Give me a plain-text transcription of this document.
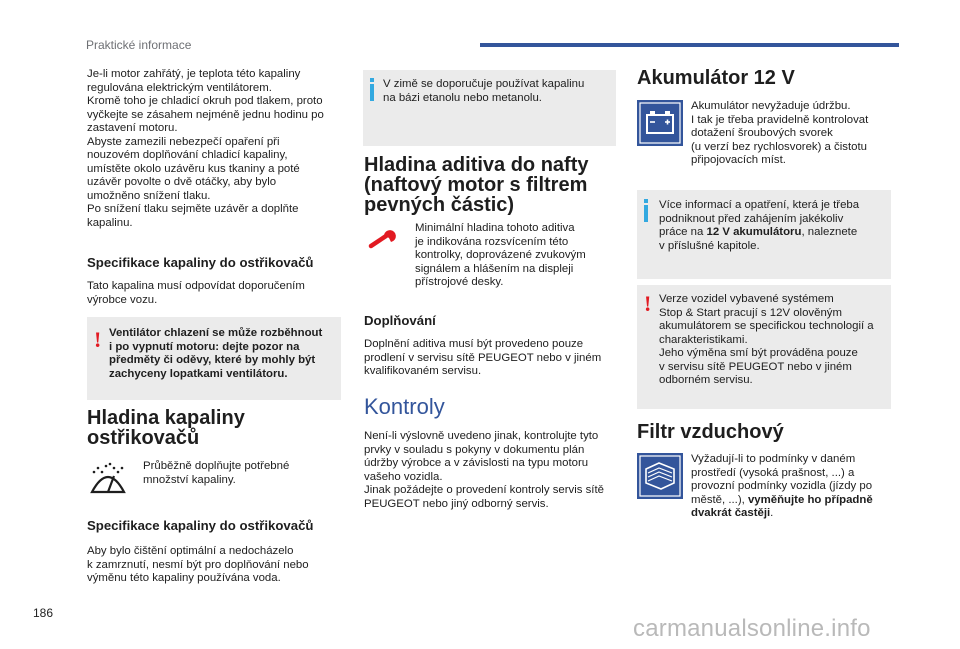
Praktické informace
Je-li motor zahřátý, je teplota této kapaliny
regulována elektrickým ventilátorem.
Kromě toho je chladicí okruh pod tlakem, proto
vyčkejte se zásahem nejméně jednu hodinu po
zastavení motoru.
Abyste zamezili nebezpečí opaření při
nouzovém doplňování chladicí kapaliny,
umístěte okolo uzávěru kus tkaniny a poté
uzávěr povolte o dvě otáčky, aby bylo
umožněno snížení tlaku.
Po snížení tlaku sejměte uzávěr a doplňte
kapalinu.
Specifikace kapaliny do ostřikovačů
Tato kapalina musí odpovídat doporučením
výrobce vozu.
! Ventilátor chlazení se může rozběhnout
i po vypnutí motoru: dejte pozor na
předměty či oděvy, které by mohly být
zachyceny lopatkami ventilátoru.
Hladina kapaliny
ostřikovačů
Průběžně doplňujte potřebné
množství kapaliny.
Specifikace kapaliny do ostřikovačů
Aby bylo čištění optimální a nedocházelo
k zamrznutí, nesmí být pro doplňování nebo
výměnu této kapaliny používána voda.
V zimě se doporučuje používat kapalinu
na bázi etanolu nebo metanolu.
Hladina aditiva do nafty
(naftový motor s filtrem
pevných částic)
Minimální hladina tohoto aditiva
je indikována rozsvícením této
kontrolky, doprovázené zvukovým
signálem a hlášením na displeji
přístrojové desky.
Doplňování
Doplnění aditiva musí být provedeno pouze
prodlení v servisu sítě PEUGEOT nebo v jiném
kvalifikovaném servisu.
Kontroly
Není-li výslovně uvedeno jinak, kontrolujte tyto
prvky v souladu s pokyny v dokumentu plán
údržby výrobce a v závislosti na typu motoru
vašeho vozidla.
Jinak požádejte o provedení kontroly servis sítě
PEUGEOT nebo jiný odborný servis.
Akumulátor 12 V
Akumulátor nevyžaduje údržbu.
I tak je třeba pravidelně kontrolovat
dotažení šroubových svorek
(u verzí bez rychlosvorek) a čistotu
připojovacích míst.
Více informací a opatření, která je třeba
podniknout před zahájením jakékoliv
práce na 12 V akumulátoru, naleznete
v příslušné kapitole.
! Verze vozidel vybavené systémem
Stop & Start pracují s 12V olověným
akumulátorem se specifickou technologií a
charakteristikami.
Jeho výměna smí být prováděna pouze
v servisu sítě PEUGEOT nebo v jiném
odborném servisu.
Filtr vzduchový
Vyžadují-li to podmínky v daném
prostředí (vysoká prašnost, ...) a
provozní podmínky vozidla (jízdy po
městě, ...), vyměňujte ho případně
dvakrát častěji.
186
carmanualsonline.info
